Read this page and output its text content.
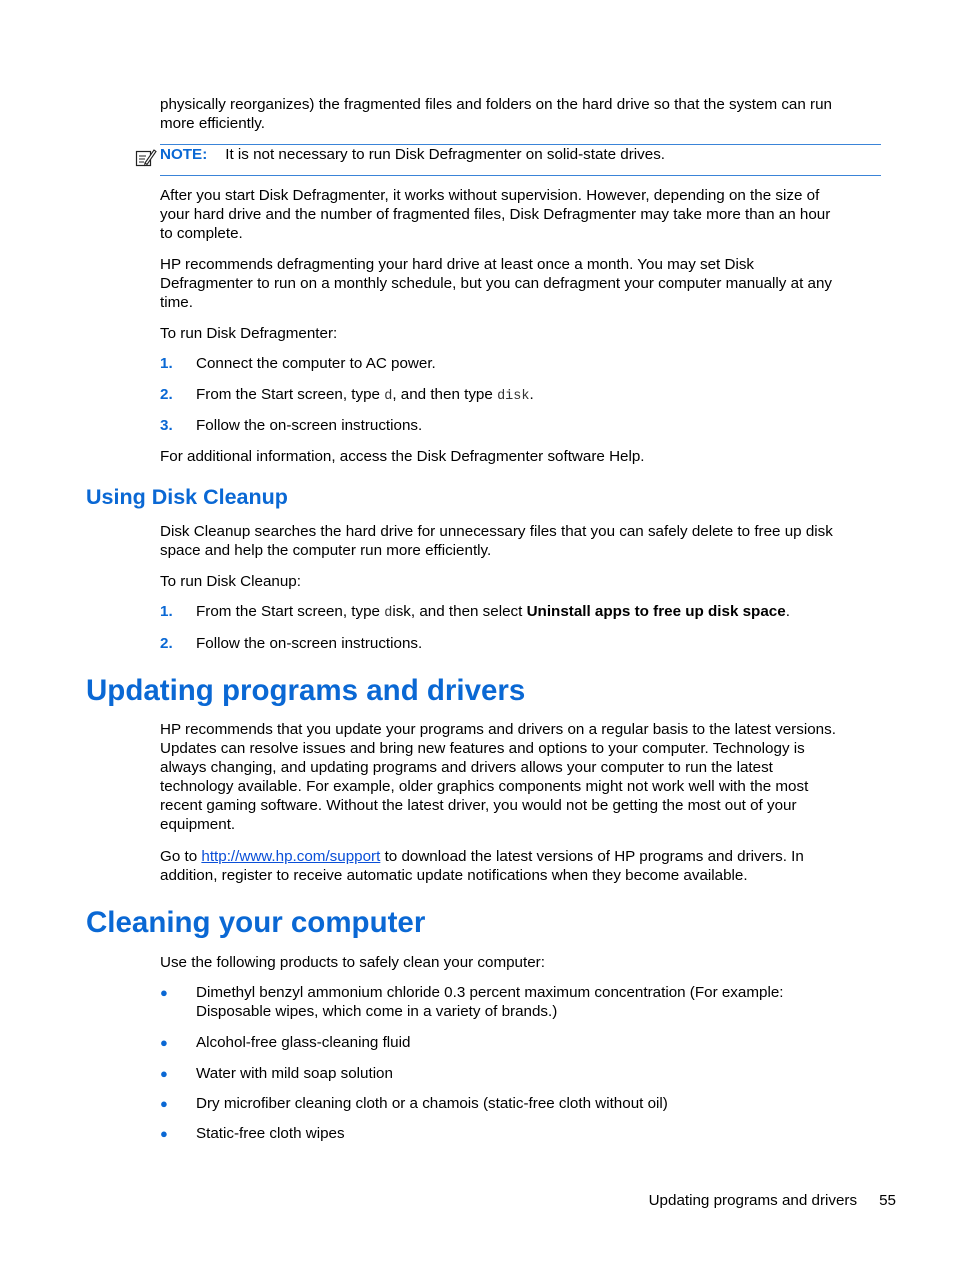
physically reorganizes) the fragmented files and folders on the hard drive so that the system can run
more efficiently.
NOTE: It is not necessary to run Disk Defragmenter on solid-state drives.
After you start Disk Defragmenter, it works without supervision. However, depending on the size of
your hard drive and the number of fragmented files, Disk Defragmenter may take more than an hour
to complete.
HP recommends defragmenting your hard drive at least once a month. You may set Disk
Defragmenter to run on a monthly schedule, but you can defragment your computer manually at any
time.
To run Disk Defragmenter:
1. Connect the computer to AC power.
2. From the Start screen, type d, and then type disk.
3. Follow the on-screen instructions.
For additional information, access the Disk Defragmenter software Help.
Using Disk Cleanup
Disk Cleanup searches the hard drive for unnecessary files that you can safely delete to free up disk
space and help the computer run more efficiently.
To run Disk Cleanup:
1. From the Start screen, type disk, and then select Uninstall apps to free up disk space.
2. Follow the on-screen instructions.
Updating programs and drivers
HP recommends that you update your programs and drivers on a regular basis to the latest versions.
Updates can resolve issues and bring new features and options to your computer. Technology is
always changing, and updating programs and drivers allows your computer to run the latest
technology available. For example, older graphics components might not work well with the most
recent gaming software. Without the latest driver, you would not be getting the most out of your
equipment.
Go to http://www.hp.com/support to download the latest versions of HP programs and drivers. In
addition, register to receive automatic update notifications when they become available.
Cleaning your computer
Use the following products to safely clean your computer:
● Dimethyl benzyl ammonium chloride 0.3 percent maximum concentration (For example:
Disposable wipes, which come in a variety of brands.)
● Alcohol-free glass-cleaning fluid
● Water with mild soap solution
● Dry microfiber cleaning cloth or a chamois (static-free cloth without oil)
● Static-free cloth wipes
Updating programs and drivers 55
